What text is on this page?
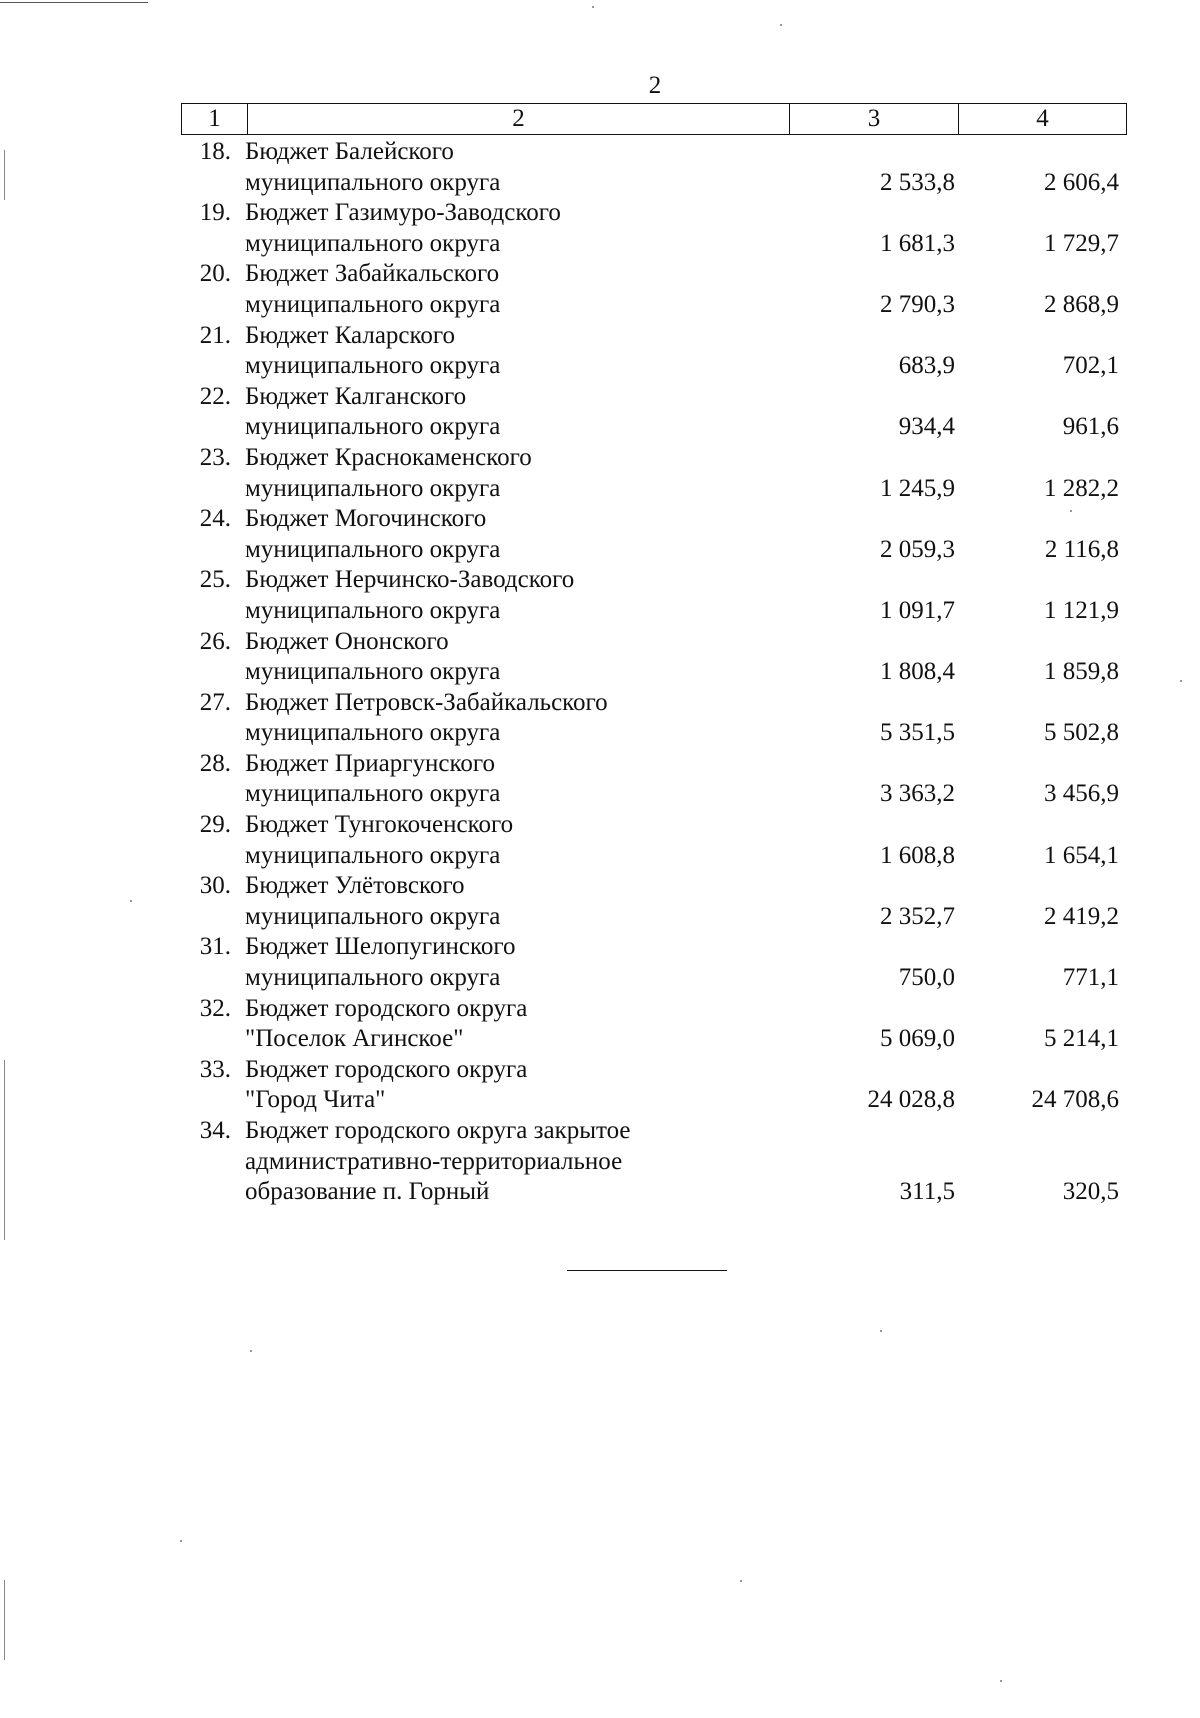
2
1	2	3	4
18. Бюджет Балейского
муниципального округа	2 533,8	2 606,4
19. Бюджет Газимуро-Заводского
муниципального округа	1 681,3	1 729,7
20. Бюджет Забайкальского
муниципального округа	2 790,3	2 868,9
21. Бюджет Каларского
муниципального округа	683,9	702,1
22. Бюджет Калганского
муниципального округа	934,4	961,6
23. Бюджет Краснокаменского
муниципального округа	1 245,9	1 282,2
24. Бюджет Могочинского
муниципального округа	2 059,3	2 116,8
25. Бюджет Нерчинско-Заводского
муниципального округа	1 091,7	1 121,9
26. Бюджет Ононского
муниципального округа	1 808,4	1 859,8
27. Бюджет Петровск-Забайкальского
муниципального округа	5 351,5	5 502,8
28. Бюджет Приаргунского
муниципального округа	3 363,2	3 456,9
29. Бюджет Тунгокоченского
муниципального округа	1 608,8	1 654,1
30. Бюджет Улётовского
муниципального округа	2 352,7	2 419,2
31. Бюджет Шелопугинского
муниципального округа	750,0	771,1
32. Бюджет городского округа
"Поселок Агинское"	5 069,0	5 214,1
33. Бюджет городского округа
"Город Чита"	24 028,8	24 708,6
34. Бюджет городского округа закрытое
административно-территориальное
образование п. Горный	311,5	320,5
